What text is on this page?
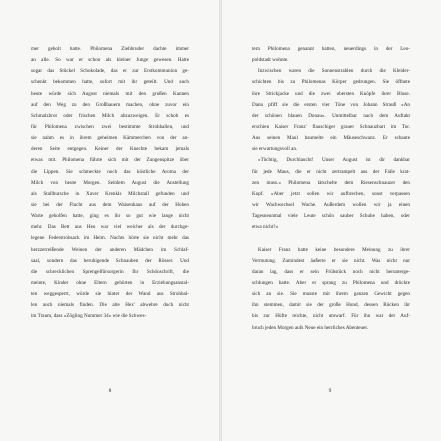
mer geholt hatte. Philomena Ziehbruder dachte immer
an alle. So war er schon als kleiner Junge gewesen. Hatte
sogar das Stückel Schokolade, das er zur Erstkommunion ge-
schenkt bekommen hatte, sofort mit ihr geteilt. Und auch
heute würde sich August niemals mit den großen Kannen
auf den Weg zu den Großbauern machen, ohne zuvor ein
Schmalzbrot oder frischen Milch abzuzweigen. Er schob es
für Philomena zwischen zwei bestimmte Strohballen, und
sie nahm es in ihrem geheimen Kämmerchen von der an-
deren Seite entgegen. Keiner der Knechte bekam jemals
etwas mit. Philomena führte sich mit der Zungenspitze über
die Lippen. Sie schmeckte noch das köstliche Aroma der
Milch von heute Morgen. Seitdem August die Anstellung
als Stallbursche in Xaver Krenkls Milchstall gefunden und
sie bei der Flucht aus dem Waisenhaus auf der Hohen
Warte geholfen hatte, ging es ihr so gut wie lange nicht
mehr. Das Bett aus Heu war viel weicher als der durchge-
legene Federstrohsack im Heim. Nachts hörte sie nicht mehr das
herzzerreißende Weinen der anderen Mädchen im Schlaf-
saal, sondern das beruhigende Schnauben der Rösser. Und
die schrecklichen Sprengelfürsorgerin Ihr Schönschrift, die
meinte, Kinder ohne Eltern gehörten in Erziehungsanstal-
ten weggesperrt, würde sie hinter der Wand aus Strohbal-
len auch niemals finden. Die alte Hex' abwehre doch nicht
im Traum, dass »Zögling Nummer 34« wie die Schwes-
8
tern Philomena genannt hatten, neuerdings in der Leo-
poldstadt wohnte.
Inzwischen waren die Sonnenstrahlen durch die Kleider-
schichten bis zu Philomenas Körper gedrungen. Sie öffnete
ihre Strickjacke und die zwei obersten Knöpfe ihrer Bluse.
Dann pfiff sie die ersten vier Töne von Johann Strauß »An
der schönen blauen Donau«. Unmittelbar nach dem Auftakt
erschien Kaiser Franz' flauschiger grauer Schnauzbart im Tor.
Aus seinen Maul baumelte ein Mäuseschwanz. Er schaute
sie erwartungsvoll an.
»Tüchtig, Durchlaucht! Unser August ist dir dankbar
für jede Maus, die er nicht zertrampelt aus der Falle krat-
zen muss.« Philomena tätschelte dem Riesenschnauzer den
Kopf. »Aber jetzt sollen wir aufbrechen, sonst verpassen
wir Wachwechsel Wache. Außerdem wollen wir ja einen
Tagesneunmal viele Leute schön sauber Schuhe haben, oder
etwa nicht?«

Kaiser Franz hatte keine besondere Meinung zu ihrer
Vermutung. Zumindest äußerte er sie nicht. Was nicht nur
daran lag, dass er sein Frühstück noch nicht herunterge-
schlungen hatte. Aber er sprang zu Philomena und drückte
sich an sie. Sie musste mit ihrem ganzen Gewicht gegen
ihn stemmen, damit sie der große Hund, dessen Rücken ihr
bis zur Hüfte reichte, nicht umwarf. Für ihn war der Auf-
bruch jeden Morgen aufs Neue ein herrliches Abenteuer.
9
